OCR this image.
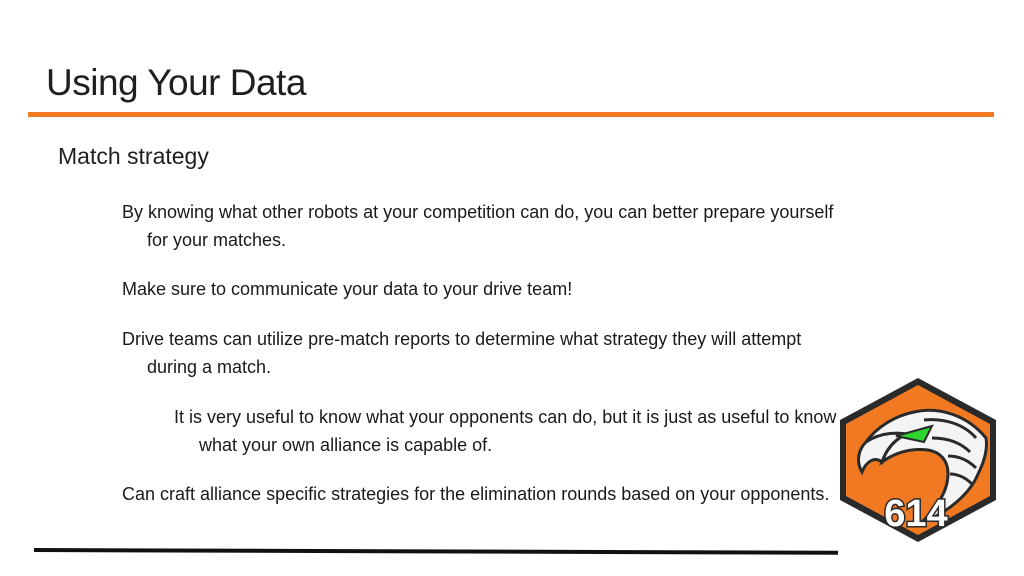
Using Your Data
Match strategy
By knowing what other robots at your competition can do, you can better prepare yourself for your matches.
Make sure to communicate your data to your drive team!
Drive teams can utilize pre-match reports to determine what strategy they will attempt during a match.
It is very useful to know what your opponents can do, but it is just as useful to know what your own alliance is capable of.
Can craft alliance specific strategies for the elimination rounds based on your opponents.	614
